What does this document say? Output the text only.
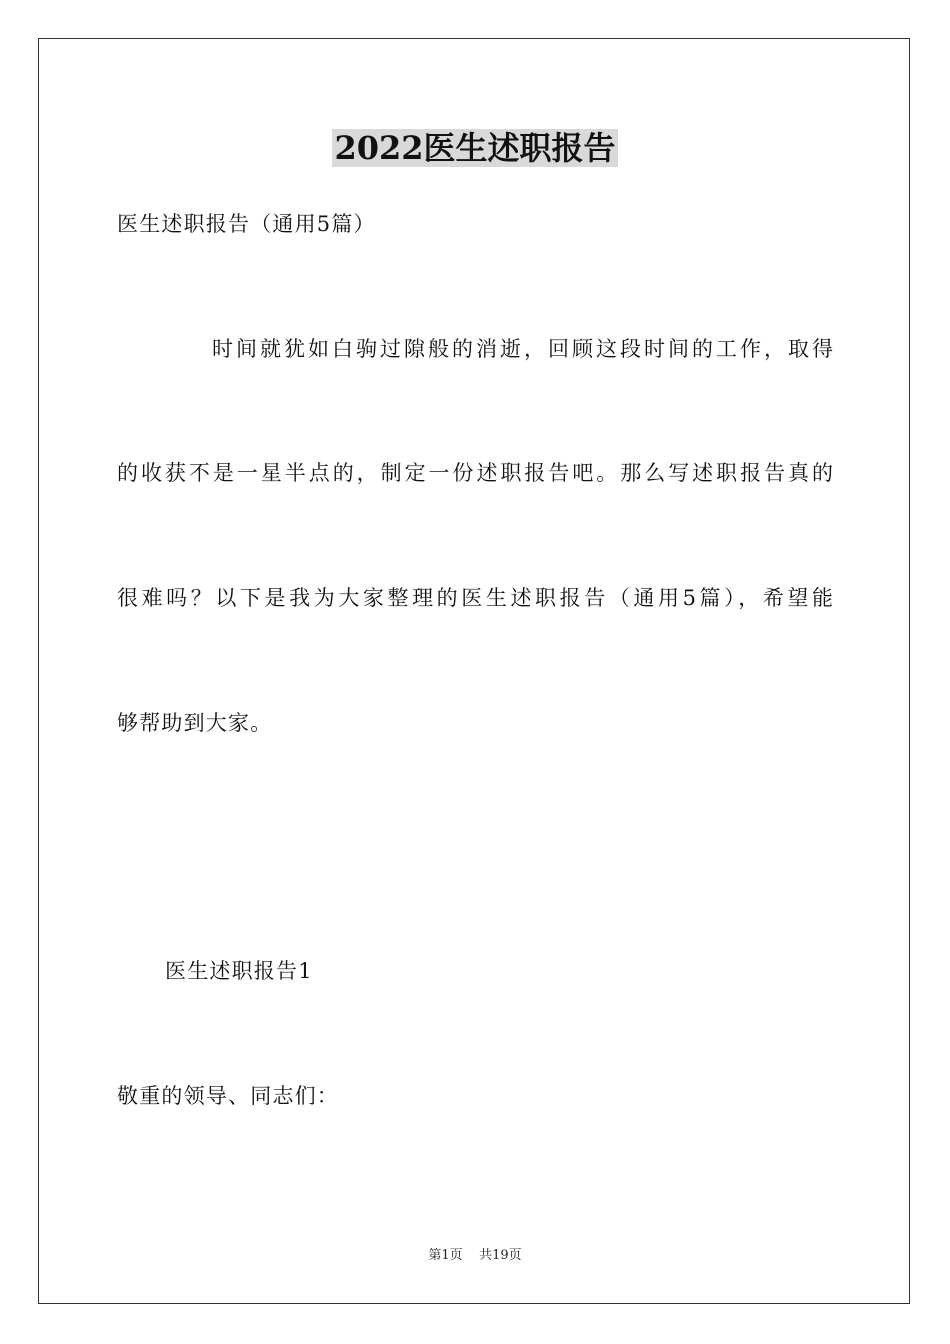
2022医生述职报告
医生述职报告（通用5篇）
时间就犹如白驹过隙般的消逝，回顾这段时间的工作，取得
的收获不是一星半点的，制定一份述职报告吧。那么写述职报告真的
很难吗？以下是我为大家整理的医生述职报告（通用5篇），希望能
够帮助到大家。
医生述职报告1
敬重的领导、同志们：
第1页 共19页
